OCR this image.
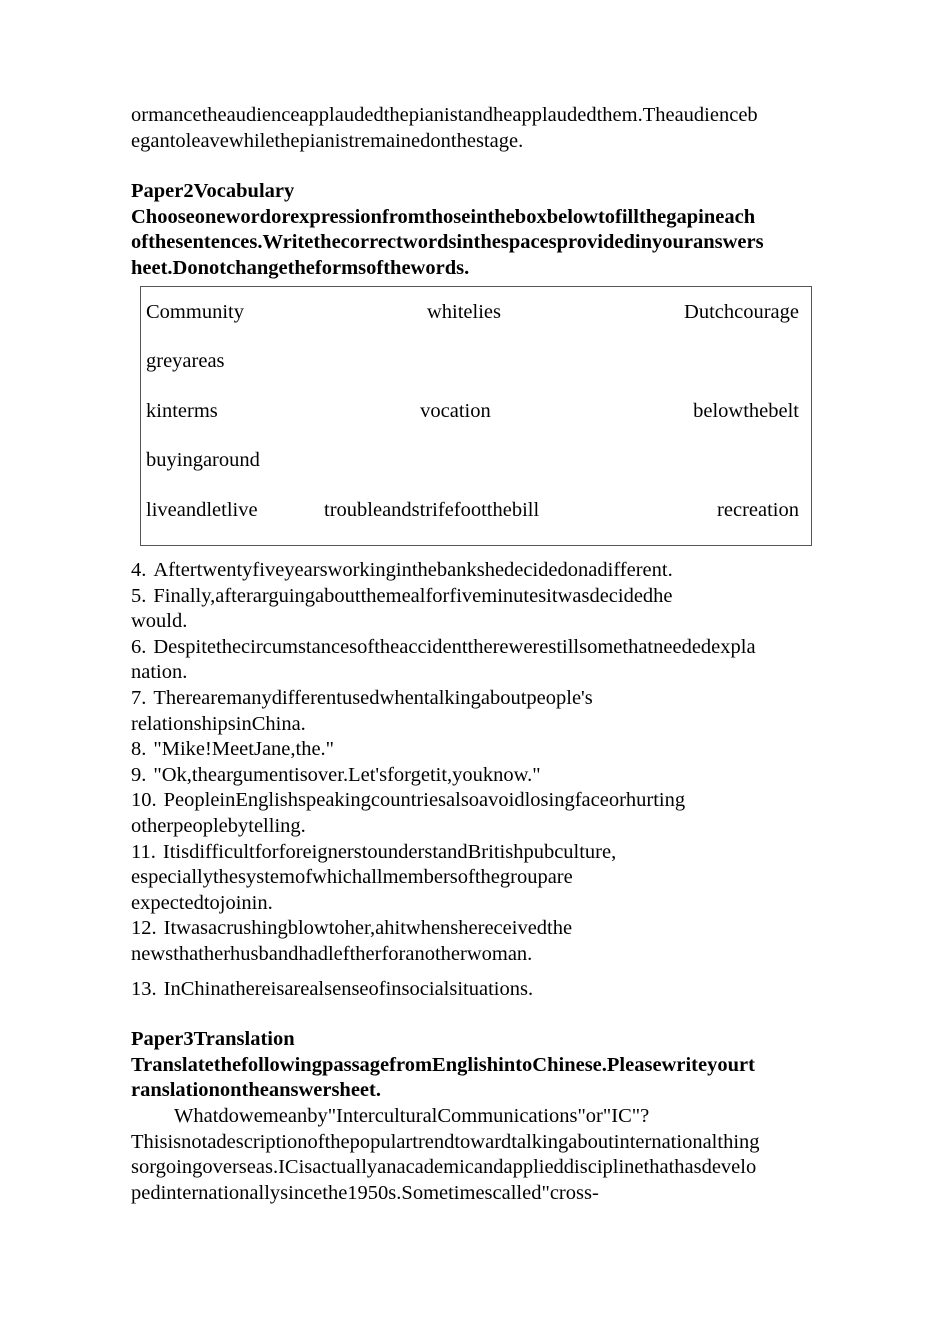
ormancetheaudienceapplaudedthepianistandheapplaudedthem.Theaudienceb
egantoleavewhilethepianistremainedonthestage.

Paper2Vocabulary

Chooseonewordorexpressionfromthoseintheboxbelowtofillthegapineach
ofthesentences.Writethecorrectwordsinthespacesprovidedinyouranswers
heet.Donotchangetheformsofthewords.

Community	whitelies	Dutchcourage
greyareas
kinterms	vocation	belowthebelt
buyingaround
liveandletlive	troubleandstrifefootthebill	recreation

4. Aftertwentyfiveyearsworkinginthebankshedecidedonadifferent.

5. Finally,afterarguingaboutthemealforfiveminutesitwasdecidedhe
would.

6. Despitethecircumstancesoftheaccidenttherewerestillsomethatneededexpla
nation.

7. Therearemanydifferentusedwhentalkingaboutpeople's
relationshipsinChina.

8. "Mike!MeetJane,the."

9. "Ok,theargumentisover.Let'sforgetit,youknow."

10. PeopleinEnglishspeakingcountriesalsoavoidlosingfaceorhurting
otherpeoplebytelling.

11. ItisdifficultforforeignerstounderstandBritishpubculture,
especiallythesystemofwhichallmembersofthegroupare
expectedtojoinin.

12. Itwasacrushingblowtoher,ahitwhenshereceivedthe
newsthatherhusbandhadleftherforanotherwoman.

13. InChinathereisarealsenseofinsocialsituations.

Paper3Translation

TranslatethefollowingpassagefromEnglishintoChinese.Pleasewriteyourt
ranslationontheanswersheet.

Whatdowemeanby"InterculturalCommunications"or"IC"?
Thisisnotadescriptionofthepopulartrendtowardtalkingaboutinternationalthing
sorgoingoverseas.ICisactuallyanacademicandapplieddisciplinethathasdevelo
pedinternationallysincethe1950s.Sometimescalled"cross-
